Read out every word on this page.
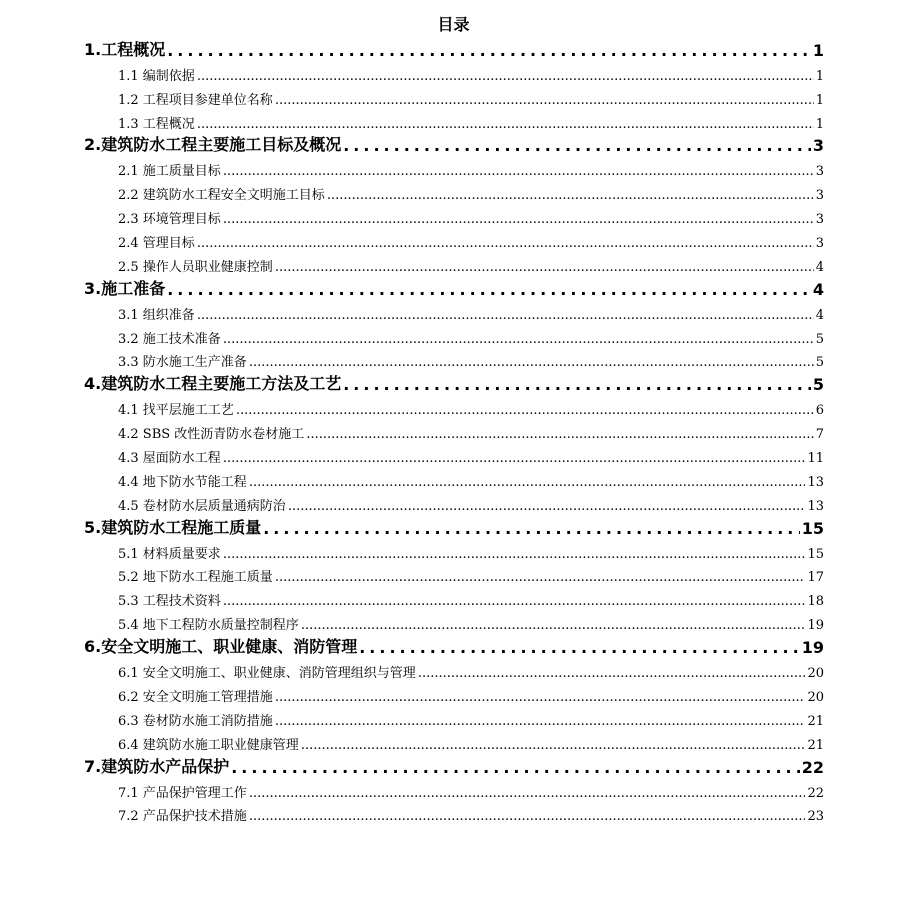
目录
1.工程概况 .....	1
1.1 编制依据 .....	1
1.2 工程项目参建单位名称 .....	1
1.3 工程概况 .....	1
2.建筑防水工程主要施工目标及概况 .....	3
2.1 施工质量目标 .....	3
2.2 建筑防水工程安全文明施工目标 .....	3
2.3 环境管理目标 .....	3
2.4 管理目标 .....	3
2.5 操作人员职业健康控制 .....	4
3.施工准备 .....	4
3.1 组织准备 .....	4
3.2 施工技术准备 .....	5
3.3 防水施工生产准备 .....	5
4.建筑防水工程主要施工方法及工艺 .....	5
4.1 找平层施工工艺 .....	6
4.2 SBS 改性沥青防水卷材施工 .....	7
4.3 屋面防水工程 .....	11
4.4 地下防水节能工程 .....	13
4.5 卷材防水层质量通病防治 .....	13
5.建筑防水工程施工质量 .....	15
5.1 材料质量要求 .....	15
5.2 地下防水工程施工质量 .....	17
5.3 工程技术资料 .....	18
5.4 地下工程防水质量控制程序 .....	19
6.安全文明施工、职业健康、消防管理 .....	19
6.1 安全文明施工、职业健康、消防管理组织与管理 .....	20
6.2 安全文明施工管理措施 .....	20
6.3 卷材防水施工消防措施 .....	21
6.4 建筑防水施工职业健康管理 .....	21
7.建筑防水产品保护 .....	22
7.1 产品保护管理工作 .....	22
7.2 产品保护技术措施 .....	23
